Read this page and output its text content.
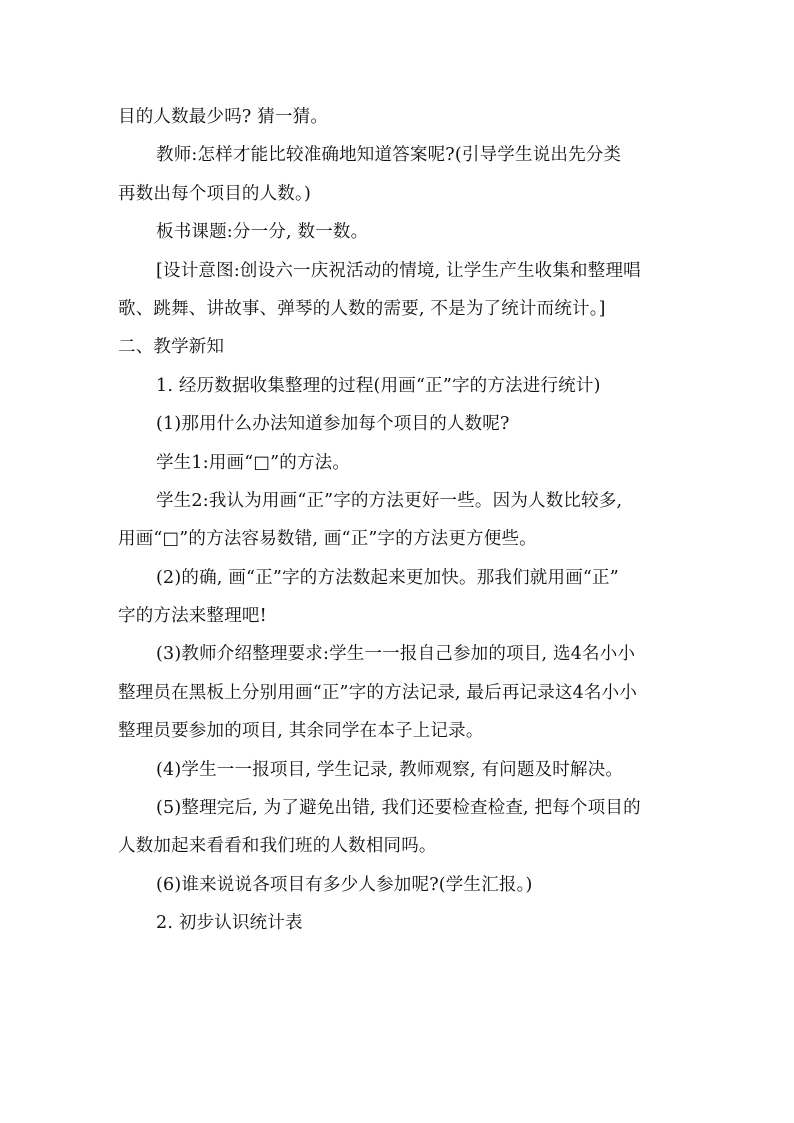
目的人数最少吗? 猜一猜。
教师:怎样才能比较准确地知道答案呢?(引导学生说出先分类
再数出每个项目的人数。)
板书课题:分一分, 数一数。
[设计意图:创设六一庆祝活动的情境, 让学生产生收集和整理唱
歌、跳舞、讲故事、弹琴的人数的需要, 不是为了统计而统计。]
二、教学新知
1. 经历数据收集整理的过程(用画“正”字的方法进行统计)
(1)那用什么办法知道参加每个项目的人数呢?
学生1:用画“□”的方法。
学生2:我认为用画“正”字的方法更好一些。因为人数比较多,
用画“□”的方法容易数错, 画“正”字的方法更方便些。
(2)的确, 画“正”字的方法数起来更加快。那我们就用画“正”
字的方法来整理吧!
(3)教师介绍整理要求:学生一一报自己参加的项目, 选4名小小
整理员在黑板上分别用画“正”字的方法记录, 最后再记录这4名小小
整理员要参加的项目, 其余同学在本子上记录。
(4)学生一一报项目, 学生记录, 教师观察, 有问题及时解决。
(5)整理完后, 为了避免出错, 我们还要检查检查, 把每个项目的
人数加起来看看和我们班的人数相同吗。
(6)谁来说说各项目有多少人参加呢?(学生汇报。)
2. 初步认识统计表
